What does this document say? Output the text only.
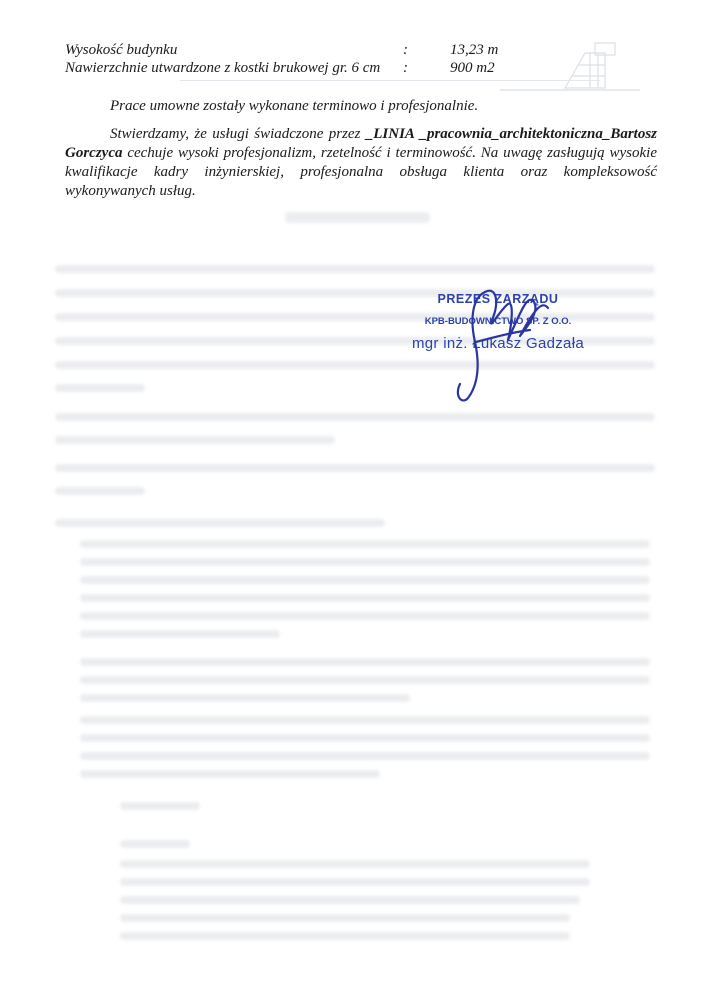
Wysokość budynku	:	13,23 m
Nawierzchnie utwardzone z kostki brukowej gr. 6 cm :	900 m2
Prace umowne zostały wykonane terminowo i profesjonalnie.
Stwierdzamy, że usługi świadczone przez _LINIA _pracownia_architektoniczna_Bartosz Gorczyca cechuje wysoki profesjonalizm, rzetelność i terminowość. Na uwagę zasługują wysokie kwalifikacje kadry inżynierskiej, profesjonalna obsługa klienta oraz kompleksowość wykonywanych usług.
PREZES ZARZĄDU
KPB-BUDOWNICTWO SP. Z O.O.
mgr inż. Łukasz Gadzała
